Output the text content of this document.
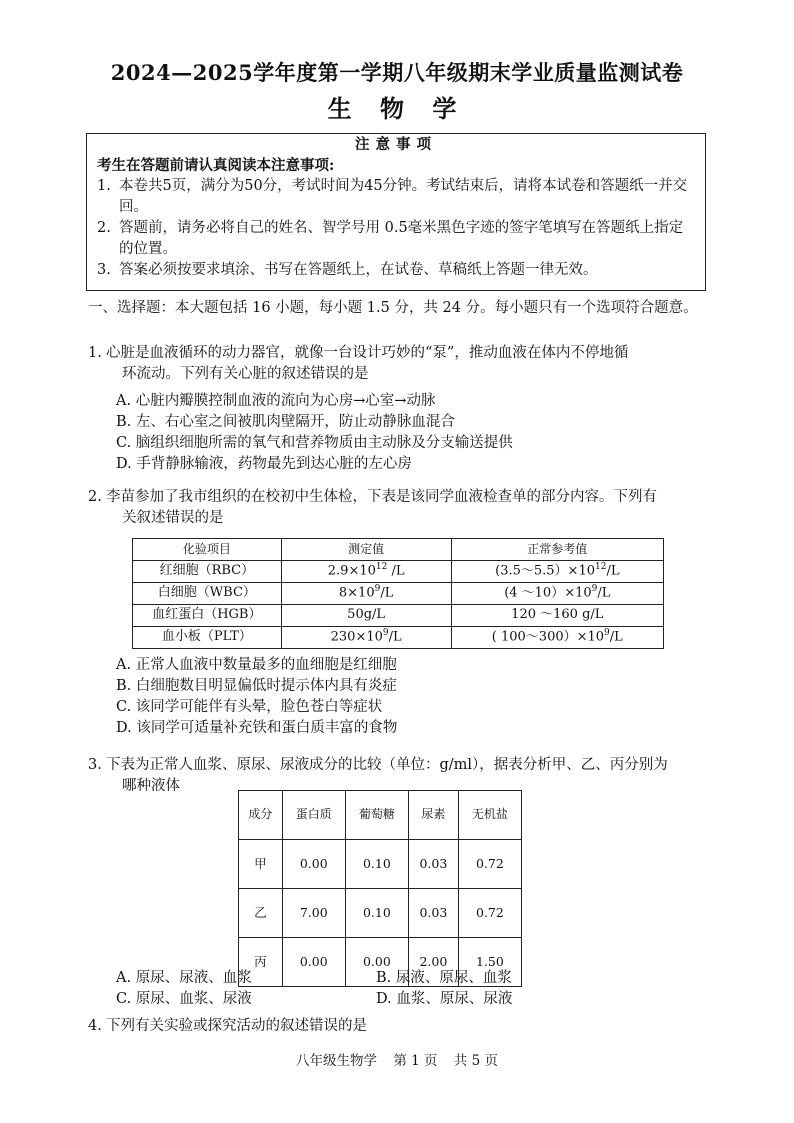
2024—2025学年度第一学期八年级期末学业质量监测试卷
生 物 学

注意事项

考生在答题前请认真阅读本注意事项:

1. 本卷共5页，满分为50分，考试时间为45分钟。考试结束后，请将本试卷和答题纸一并交回。

2. 答题前，请务必将自己的姓名、智学号用 0.5毫米黑色字迹的签字笔填写在答题纸上指定的位置。

3. 答案必须按要求填涂、书写在答题纸上，在试卷、草稿纸上答题一律无效。

一、选择题：本大题包括 16 小题，每小题 1.5 分，共 24 分。每小题只有一个选项符合题意。

1. 心脏是血液循环的动力器官，就像一台设计巧妙的“泵”，推动血液在体内不停地循
环流动。下列有关心脏的叙述错误的是

A. 心脏内瓣膜控制血液的流向为心房→心室→动脉

B. 左、右心室之间被肌肉壁隔开，防止动静脉血混合

C. 脑组织细胞所需的氧气和营养物质由主动脉及分支输送提供

D. 手背静脉输液，药物最先到达心脏的左心房

2. 李苗参加了我市组织的在校初中生体检，下表是该同学血液检查单的部分内容。下列有
关叙述错误的是

化验项目	测定值	正常参考值
红细胞（RBC）	$2.9\times 10^{12}$ /L	$(3.5\sim 5.5)\times 10^{12}/L$
白细胞（WBC）	$8\times 10^9/L$	(4 $\sim 10)\times 10^9/L$
血红蛋白（HGB）	50g/L	120 ～160 g/L
血小板（PLT）	$230\times 10^9/L$	( $100\sim 300)\times 10^9/L$

A. 正常人血液中数量最多的血细胞是红细胞

B. 白细胞数目明显偏低时提示体内具有炎症

C. 该同学可能伴有头晕，脸色苍白等症状

D. 该同学可适量补充铁和蛋白质丰富的食物

3. 下表为正常人血浆、原尿、尿液成分的比较（单位：g/ml），据表分析甲、乙、丙分别为
哪种液体

成分	蛋白质	葡萄糖	尿素	无机盐
甲	0.00	0.10	0.03	0.72
乙	7.00	0.10	0.03	0.72
丙	0.00	0.00	2.00	1.50
A. 原尿、尿液、血浆	B. 尿液、原尿、血浆
C. 原尿、血浆、尿液	D. 血浆、原尿、尿液

4. 下列有关实验或探究活动的叙述错误的是

八年级生物学 第 1 页 共 5 页
